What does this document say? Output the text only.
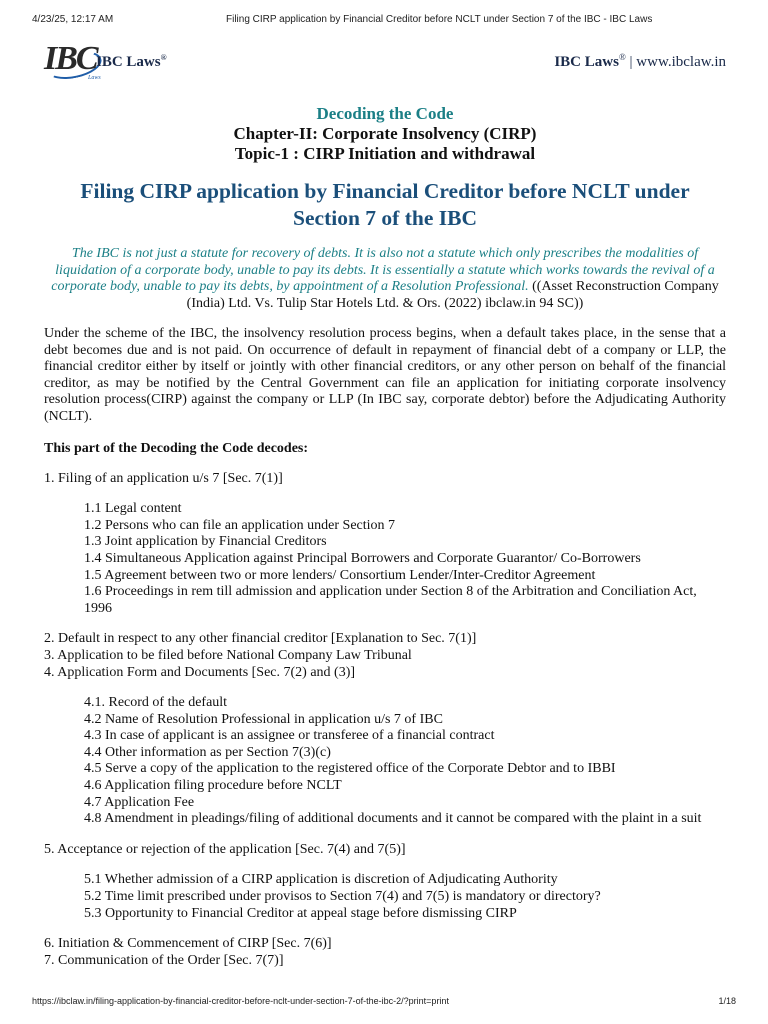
4/23/25, 12:17 AM	Filing CIRP application by Financial Creditor before NCLT under Section 7 of the IBC - IBC Laws
IBC IBC Laws®
Laws
IBC Laws® | www.ibclaw.in
Decoding the Code
Chapter-II: Corporate Insolvency (CIRP)
Topic-1 : CIRP Initiation and withdrawal
Filing CIRP application by Financial Creditor before NCLT under
Section 7 of the IBC
The IBC is not just a statute for recovery of debts. It is also not a statute which only prescribes the modalities of liquidation of a corporate body, unable to pay its debts. It is essentially a statute which works towards the revival of a corporate body, unable to pay its debts, by appointment of a Resolution Professional. ((Asset Reconstruction Company (India) Ltd. Vs. Tulip Star Hotels Ltd. & Ors. (2022) ibclaw.in 94 SC))

Under the scheme of the IBC, the insolvency resolution process begins, when a default takes place, in the sense that a debt becomes due and is not paid. On occurrence of default in repayment of financial debt of a company or LLP, the financial creditor either by itself or jointly with other financial creditors, or any other person on behalf of the financial creditor, as may be notified by the Central Government can file an application for initiating corporate insolvency resolution process(CIRP) against the company or LLP (In IBC say, corporate debtor) before the Adjudicating Authority (NCLT).

This part of the Decoding the Code decodes:

1. Filing of an application u/s 7 [Sec. 7(1)]

1.1 Legal content
1.2 Persons who can file an application under Section 7
1.3 Joint application by Financial Creditors
1.4 Simultaneous Application against Principal Borrowers and Corporate Guarantor/ Co-Borrowers
1.5 Agreement between two or more lenders/ Consortium Lender/Inter-Creditor Agreement
1.6 Proceedings in rem till admission and application under Section 8 of the Arbitration and Conciliation Act, 1996

2. Default in respect to any other financial creditor [Explanation to Sec. 7(1)]

3. Application to be filed before National Company Law Tribunal

4. Application Form and Documents [Sec. 7(2) and (3)]

4.1. Record of the default
4.2 Name of Resolution Professional in application u/s 7 of IBC
4.3 In case of applicant is an assignee or transferee of a financial contract
4.4 Other information as per Section 7(3)(c)
4.5 Serve a copy of the application to the registered office of the Corporate Debtor and to IBBI
4.6 Application filing procedure before NCLT
4.7 Application Fee
4.8 Amendment in pleadings/filing of additional documents and it cannot be compared with the plaint in a suit

5. Acceptance or rejection of the application [Sec. 7(4) and 7(5)]

5.1 Whether admission of a CIRP application is discretion of Adjudicating Authority
5.2 Time limit prescribed under provisos to Section 7(4) and 7(5) is mandatory or directory?
5.3 Opportunity to Financial Creditor at appeal stage before dismissing CIRP

6. Initiation & Commencement of CIRP [Sec. 7(6)]

7. Communication of the Order [Sec. 7(7)]

https://ibclaw.in/filing-application-by-financial-creditor-before-nclt-under-section-7-of-the-ibc-2/?print=print	1/18
